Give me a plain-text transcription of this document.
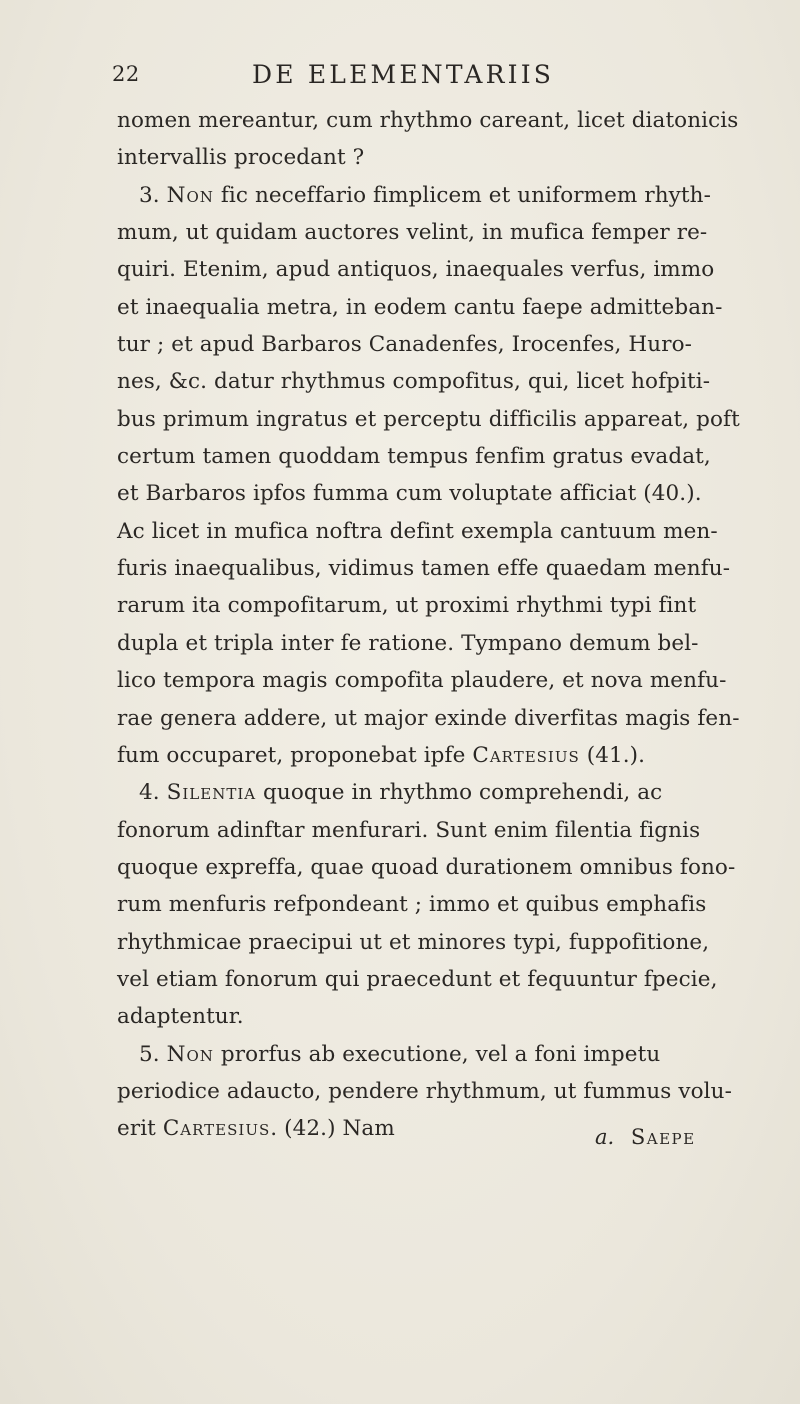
22	DE ELEMENTARIIS
nomen mereantur, cum rhythmo careant, licet diatonicis
intervallis procedant ?
3. Non fic neceffario fimplicem et uniformem rhyth-
mum, ut quidam auctores velint, in mufica femper re-
quiri. Etenim, apud antiquos, inaequales verfus, immo
et inaequalia metra, in eodem cantu faepe admitteban-
tur ; et apud Barbaros Canadenfes, Irocenfes, Huro-
nes, &c. datur rhythmus compofitus, qui, licet hofpiti-
bus primum ingratus et perceptu difficilis appareat, poft
certum tamen quoddam tempus fenfim gratus evadat,
et Barbaros ipfos fumma cum voluptate afficiat (40.).
Ac licet in mufica noftra defint exempla cantuum men-
furis inaequalibus, vidimus tamen effe quaedam menfu-
rarum ita compofitarum, ut proximi rhythmi typi fint
dupla et tripla inter fe ratione. Tympano demum bel-
lico tempora magis compofita plaudere, et nova menfu-
rae genera addere, ut major exinde diverfitas magis fen-
fum occuparet, proponebat ipfe Cartesius (41.).
4. Silentia quoque in rhythmo comprehendi, ac
fonorum adinftar menfurari. Sunt enim filentia fignis
quoque expreffa, quae quoad durationem omnibus fono-
rum menfuris refpondeant ; immo et quibus emphafis
rhythmicae praecipui ut et minores typi, fuppofitione,
vel etiam fonorum qui praecedunt et fequuntur fpecie,
adaptentur.
5. Non prorfus ab executione, vel a foni impetu
periodice adaucto, pendere rhythmum, ut fummus volu-
erit Cartesius. (42.) Nam	a. Saepe
